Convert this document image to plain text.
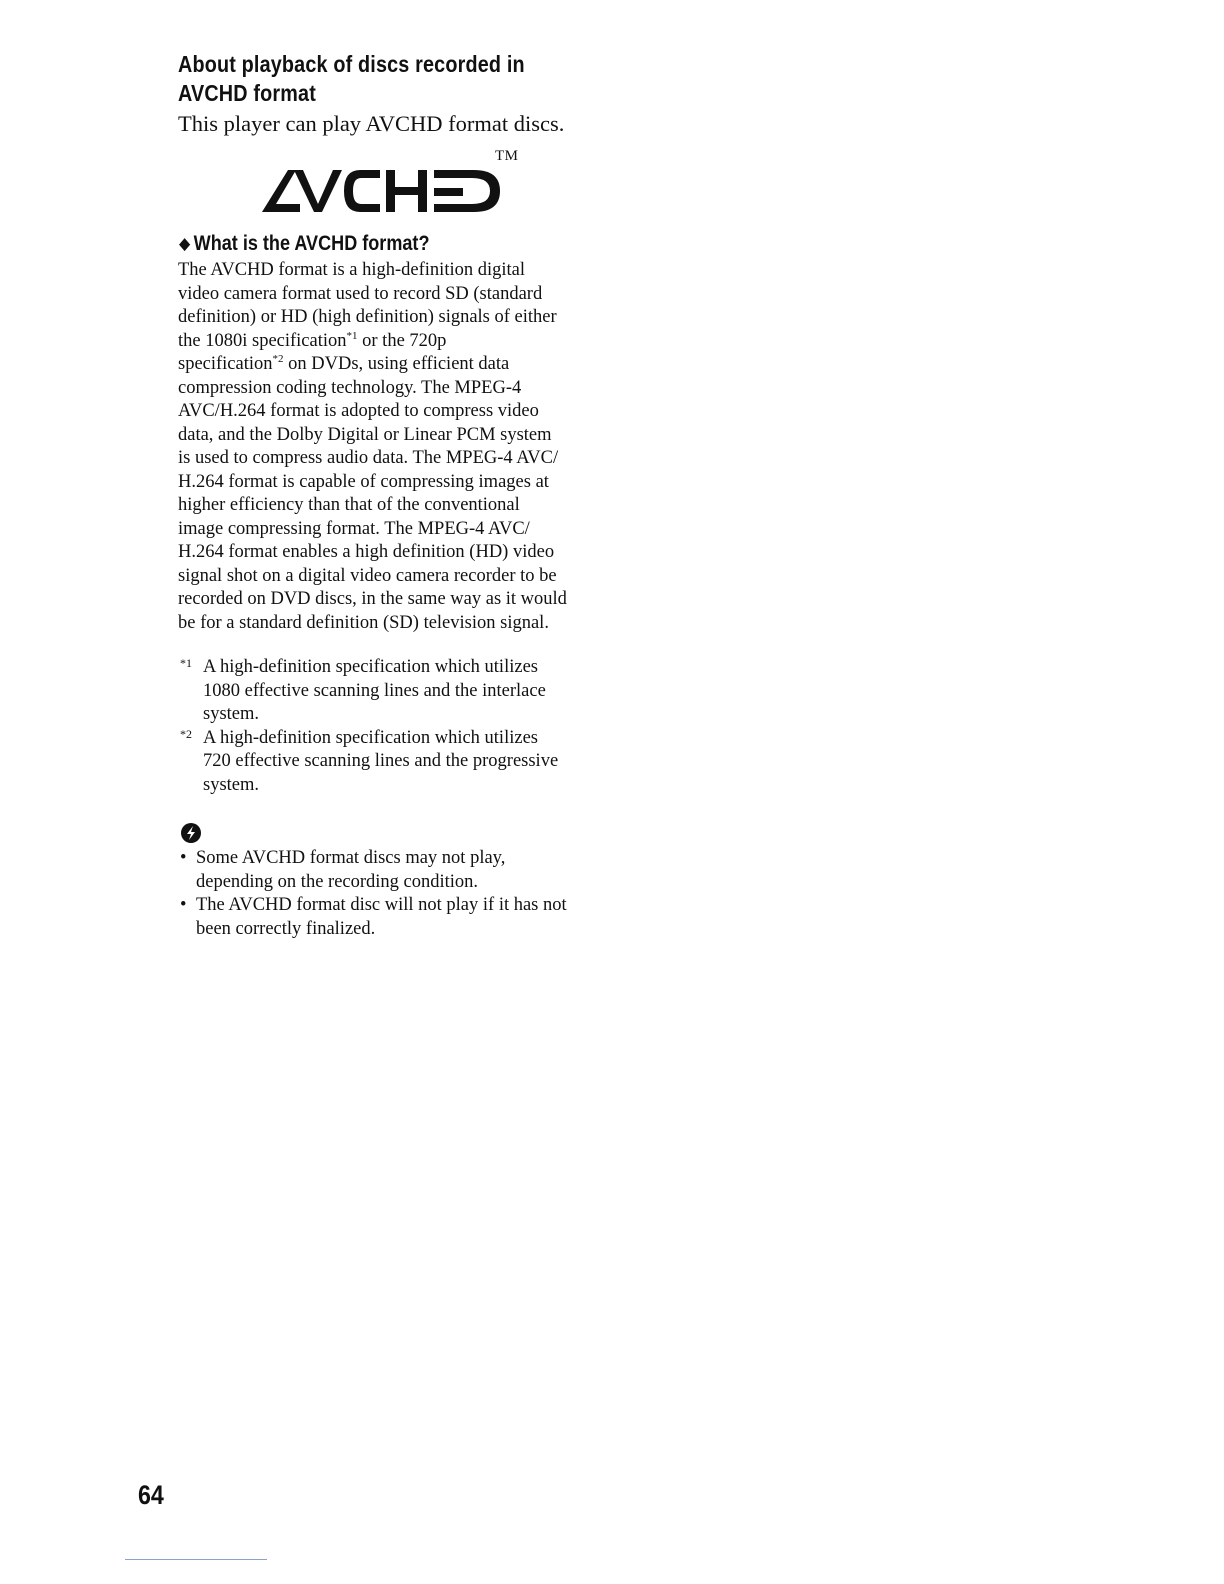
About playback of discs recorded in

AVCHD format
This player can play AVCHD format discs.
TM
◆ What is the AVCHD format?
The AVCHD format is a high-definition digital
video camera format used to record SD (standard
definition) or HD (high definition) signals of either
the 1080i specification$^{*1}$ or the 720p
specification$^{*2}$ on DVDs, using efficient data
compression coding technology. The MPEG-4
AVC/H.264 format is adopted to compress video
data, and the Dolby Digital or Linear PCM system
is used to compress audio data. The MPEG-4 AVC/
H.264 format is capable of compressing images at
higher efficiency than that of the conventional
image compressing format. The MPEG-4 AVC/
H.264 format enables a high definition (HD) video
signal shot on a digital video camera recorder to be
recorded on DVD discs, in the same way as it would
be for a standard definition (SD) television signal.
*1 A high-definition specification which utilizes
1080 effective scanning lines and the interlace
system.
*2 A high-definition specification which utilizes
720 effective scanning lines and the progressive
system.
• Some AVCHD format discs may not play,
depending on the recording condition.
• The AVCHD format disc will not play if it has not
been correctly finalized.
64
